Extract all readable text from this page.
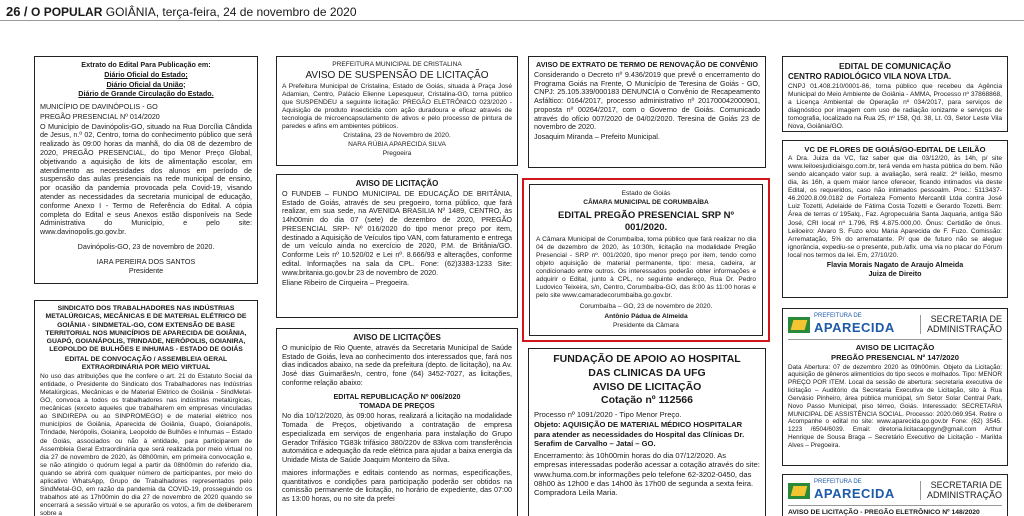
26 / O POPULAR GOIÂNIA, terça-feira, 24 de novembro de 2020

Extrato do Edital Para Publicação em:

Diário Oficial do Estado;

Diário Oficial da União;

Diário de Grande Circulação do Estado.

MUNICÍPIO DE DAVINÓPOLIS - GO

PREGÃO PRESENCIAL Nº 014/2020

O Município de Davinópolis-GO, situado na Rua Dorcília Cândida de Jesus, n.º 02, Centro, torna do conhecimento público que será realizado às 09:00 horas da manhã, do dia 08 de dezembro de 2020, PREGÃO PRESENCIAL, do tipo Menor Preço Global, objetivando a aquisição de kits de alimentação escolar, em atendimento as necessidades dos alunos em período de suspensão das aulas presenciais na rede municipal de ensino, por ocasião da pandemia provocada pela Covid-19, visando atender as necessidades da secretaria municipal de educação, conforme Anexo I - Termo de Referência do Edital. A cópia completa do Edital e seus Anexos estão disponíveis na Sede Administrativa do Município, e pelo site: www.davinopolis.go.gov.br.

Davinópolis-GO, 23 de novembro de 2020.

IARA PEREIRA DOS SANTOS

Presidente

SINDICATO DOS TRABALHADORES NAS INDÚSTRIAS METALÚRGICAS, MECÂNICAS E DE MATERIAL ELÉTRICO DE GOIÂNIA - SINDMETAL-GO, COM EXTENSÃO DE BASE TERRITORIAL NOS MUNICÍPIOS DE APARECIDA DE GOIÂNIA, GUAPÓ, GOIANÁPOLIS, TRINDADE, NERÓPOLIS, GOIANIRA, LEOPOLDO DE BULHÕES E INHUMAS - ESTADO DE GOIÁS

EDITAL DE CONVOCAÇÃO / ASSEMBLEIA GERAL EXTRAORDINÁRIA POR MEIO VIRTUAL

No uso das atribuições que lhe confere o art. 21 do Estatuto Social da entidade, o Presidente do Sindicato dos Trabalhadores nas Indústrias Metalúrgicas, Mecânicas e de Material Elétrico de Goiânia - SindMetal-GO, convoca a todos os trabalhadores nas indústrias metalúrgicas, mecânicas (exceto aqueles que trabalharem em empresas vinculadas ao SINDIREPA ou ao SINPROMEGO) e de material elétrico nos municípios de Goiânia, Aparecida de Goiânia, Guapó, Goianápolis, Trindade, Nerópolis, Goianira, Leopoldo de Bulhões e Inhumas – Estado de Goiás, associados ou não à entidade, para participarem de Assembleia Geral Extraordinária que será realizada por meio virtual no dia 27 de novembro de 2020, às 08h00min, em primeira convocação e, se não atingido o quórum legal a partir da 08h00min do referido dia, quando se abrirá com qualquer número de participantes, por meio do aplicativo WhatsApp, Grupo de Trabalhadores representados pelo SindMetal-GO, em razão da pandemia da COVID-19, prosseguindo os trabalhos até as 17h00min do dia 27 de novembro de 2020 quando se encerrará a sessão virtual e se apurarão os votos, a fim de deliberarem sobre a

PREFEITURA MUNICIPAL DE CRISTALINA

AVISO DE SUSPENSÃO DE LICITAÇÃO

A Prefeitura Municipal de Cristalina, Estado de Goiás, situada à Praça José Adamian, Centro, Palácio Elienne Lepesqueur, Cristalina-GO, torna público que SUSPENDEU a seguinte licitação: PREGÃO ELETRÔNICO 023/2020 - Aquisição de produto insecticida com ação duradoura e eficaz através de tecnologia de microencapsulamento de ativos e pelo processo de pintura de paredes e afins em ambientes públicos.

Cristalina, 23 de Novembro de 2020.

NARA RÚBIA APARECIDA SILVA

Pregoeira

AVISO DE LICITAÇÃO

O FUNDEB – FUNDO MUNICIPAL DE EDUCAÇÃO DE BRITÂNIA, Estado de Goiás, através de seu pregoeiro, torna público, que fará realizar, em sua sede, na AVENIDA BRASILIA Nº 1489, CENTRO, às 14h00min do dia 07 (sete) de dezembro de 2020, PREGÃO PRESENCIAL SRP- Nº 016/2020 do tipo menor preço por item, destinado a Aquisição de Veículos tipo VAN, com faturamento e entrega de um veículo ainda no exercício de 2020, P.M. de Britânia/GO. Conforme Leis nº 10.520/02 e Lei nº. 8.666/93 e alterações, conforme edital. Informações na sala da CPL. Fone: (62)3383-1233 Site: www.britania.go.gov.br 23 de novembro de 2020.

Eliane Ribeiro de Cirqueira – Pregoeira.

AVISO DE LICITAÇÕES

O município de Rio Quente, através da Secretaria Municipal de Saúde Estado de Goiás, leva ao conhecimento dos interessados que, fará nos dias indicados abaixo, na sede da prefeitura (depto. de licitação), na Av. José dias Guimarães/n, centro, fone (64) 3452-7027, as licitações, conforme relação abaixo:

EDITAL REPUBLICAÇÃO Nº 006/2020

TOMADA DE PREÇOS

No dia 10/12/2020, às 09:00 horas, realizará a licitação na modalidade Tomada de Preços, objetivando a contratação de empresa especializada em serviços de engenharia para instalação do Grupo Gerador Trifásico TG83k trifásico 380/220v de 83kva com transferência automática e adequação da rede elétrica para ajudar a baixa energia da Unidade Mista de Saúde Joaquim Monteiro da Silva.

maiores informações e editais contendo as normas, especificações, quantitativos e condições para participação poderão ser obtidos na comissão permanente de licitação, no horário de expediente, das 07:00 as 13:00 horas, ou no site da prefei

AVISO DE EXTRATO DE TERMO DE RENOVAÇÃO DE CONVÊNIO

Considerando o Decreto nº 9.436/2019 que prevê o encerramento do Programa Goiás na Frente, O Município de Teresina de Goiás - GO, CNPJ: 25.105.339/000183 DENUNCIA o Convênio de Recapeamento Asfáltico: 0164/2017, processo administrativo nº 201700042000901, proposta nº 00264/2017, com o Governo de Goiás. Comunicado através do ofício 007/2020 de 04/02/2020. Teresina de Goiás 23 de novembro de 2020.

Josaquim Miranda – Prefeito Municipal.

Estado de Goiás

CÂMARA MUNICIPAL DE CORUMBAÍBA

EDITAL PREGÃO PRESENCIAL SRP Nº 001/2020.

A Câmara Municipal de Corumbaíba, torna público que fará realizar no dia 04 de dezembro de 2020, às 10:30h, licitação na modalidade Pregão Presencial - SRP nº. 001/2020, tipo menor preço por item, tendo como objeto aquisição de material permanente, tipo: mesa, cadeira, ar condicionado entre outros. Os interessados poderão obter informações e adquirir o Edital, junto à CPL, no seguinte endereço, Rua Dr. Pedro Ludovico Teixeira, s/n, Centro, Corumbaíba-GO, das 8:00 às 11:00 horas e pelo site www.camaradecorumbaiba.go.gov.br.

Corumbaíba – GO, 23 de novembro de 2020.

Antônio Pádua de Almeida

Presidente da Câmara

FUNDAÇÃO DE APOIO AO HOSPITAL

DAS CLINICAS DA UFG

AVISO DE LICITAÇÃO

Cotação nº 112566

Processo nº 1091/2020 - Tipo Menor Preço.

Objeto: AQUISIÇÃO DE MATERIAL MÉDICO HOSPITALAR para atender as necessidades do Hospital das Clínicas Dr. Serafim de Carvalho – Jataí – GO.

Encerramento: às 10h00min horas do dia 07/12/2020. As empresas interessadas poderão acessar a cotação através do site: www.huma.com.br informações pelo telefone 62-3202-0450, das 08h00 às 12h00 e das 14h00 às 17h00 de segunda a sexta feira. Compradora Leila Maria.

EDITAL DE COMUNICAÇÃO

CENTRO RADIOLÓGICO VILA NOVA LTDA.

CNPJ 01.408.210/0001-86, torna público que recebeu da Agência Municipal do Meio Ambiente de Goiânia - AMMA, Processo nº 37868868, a Licença Ambiental de Operação nº 034/2017, para serviços de diagnóstico por imagem com uso de radiação ionizante e serviços de tomografia, localizado na Rua 25, nº 158, Qd. 38, Lt. 03, Setor Leste Vila Nova, Goiânia/GO.

VC DE FLORES DE GOIÁS/GO-EDITAL DE LEILÃO

A Dra. Juiza da VC, faz saber que dia 03/12/20, às 14h, p/ site www.leiloesjudiciaisgo.com.br, terá venda em hasta pública do bem. Não sendo alcançado valor sup. a avaliação, será realiz. 2º leilão, mesmo dia, às 16h, a quem maior lance oferecer, ficando intimados via deste Edital, os requeridos, caso não intimados pessoalm. Proc.: 5113437-46.2020.8.09.0182 de Fortaleza Fomento Mercantil Ltda contra José Luiz Tozetti, Adelaide de Fátima Costa Tozetti e Gerardo Tozetti. Bem: Área de terras c/ 195alq., Faz. Agropecuária Santa Jaquaria, antiga São José, CRI local nº 1.796, R$ 4.875.000,00. Ônus: Certidão de ônus. Leiloeiro: Alvaro S. Fuzo e/ou Maria Aparecida de F. Fuzo. Comissão: Arrematação, 5% do arrematante. P/ que de futuro não se alegue ignorância, expediu-se o presente, pub./afix. uma via no placar do Fórum local nos termos da lei. Em, 27/10/20.

Flavia Morais Nagato de Araujo Almeida

Juiza de Direito

PREFEITURA DE
APARECIDA
SECRETARIA DE
ADMINISTRAÇÃO

AVISO DE LICITAÇÃO

PREGÃO PRESENCIAL Nº 147/2020

Data Abertura: 07 de dezembro 2020 às 09h00min. Objeto da Licitação: aquisição de gêneros alimentícios do tipo secos e molhados. Tipo: MENOR PREÇO POR ITEM. Local da sessão de abertura: secretaria executiva de licitação – Auditório da Secretaria Executiva de Licitação, sito à Rua Gervásio Pinheiro, área pública municipal, s/n Setor Solar Central Park, Novo Passo Municipal, piso térreo, Goiás. Interessado: SECRETARIA MUNICIPAL DE ASSISTÊNCIA SOCIAL. Processo: 2020.069.954. Retire o Acompanhe o edital no site: www.aparecida.go.gov.br Fone: (62) 3545. 1223 /6504/6039. Email: diretoria.licitacaopgyn@gmail.com Arthur Henrique de Sousa Braga – Secretário Executivo de Licitação - Marilda Alves – Pregoeira.

PREFEITURA DE
APARECIDA
SECRETARIA DE
ADMINISTRAÇÃO

AVISO DE LICITAÇÃO - PREGÃO ELETRÔNICO Nº 148/2020
